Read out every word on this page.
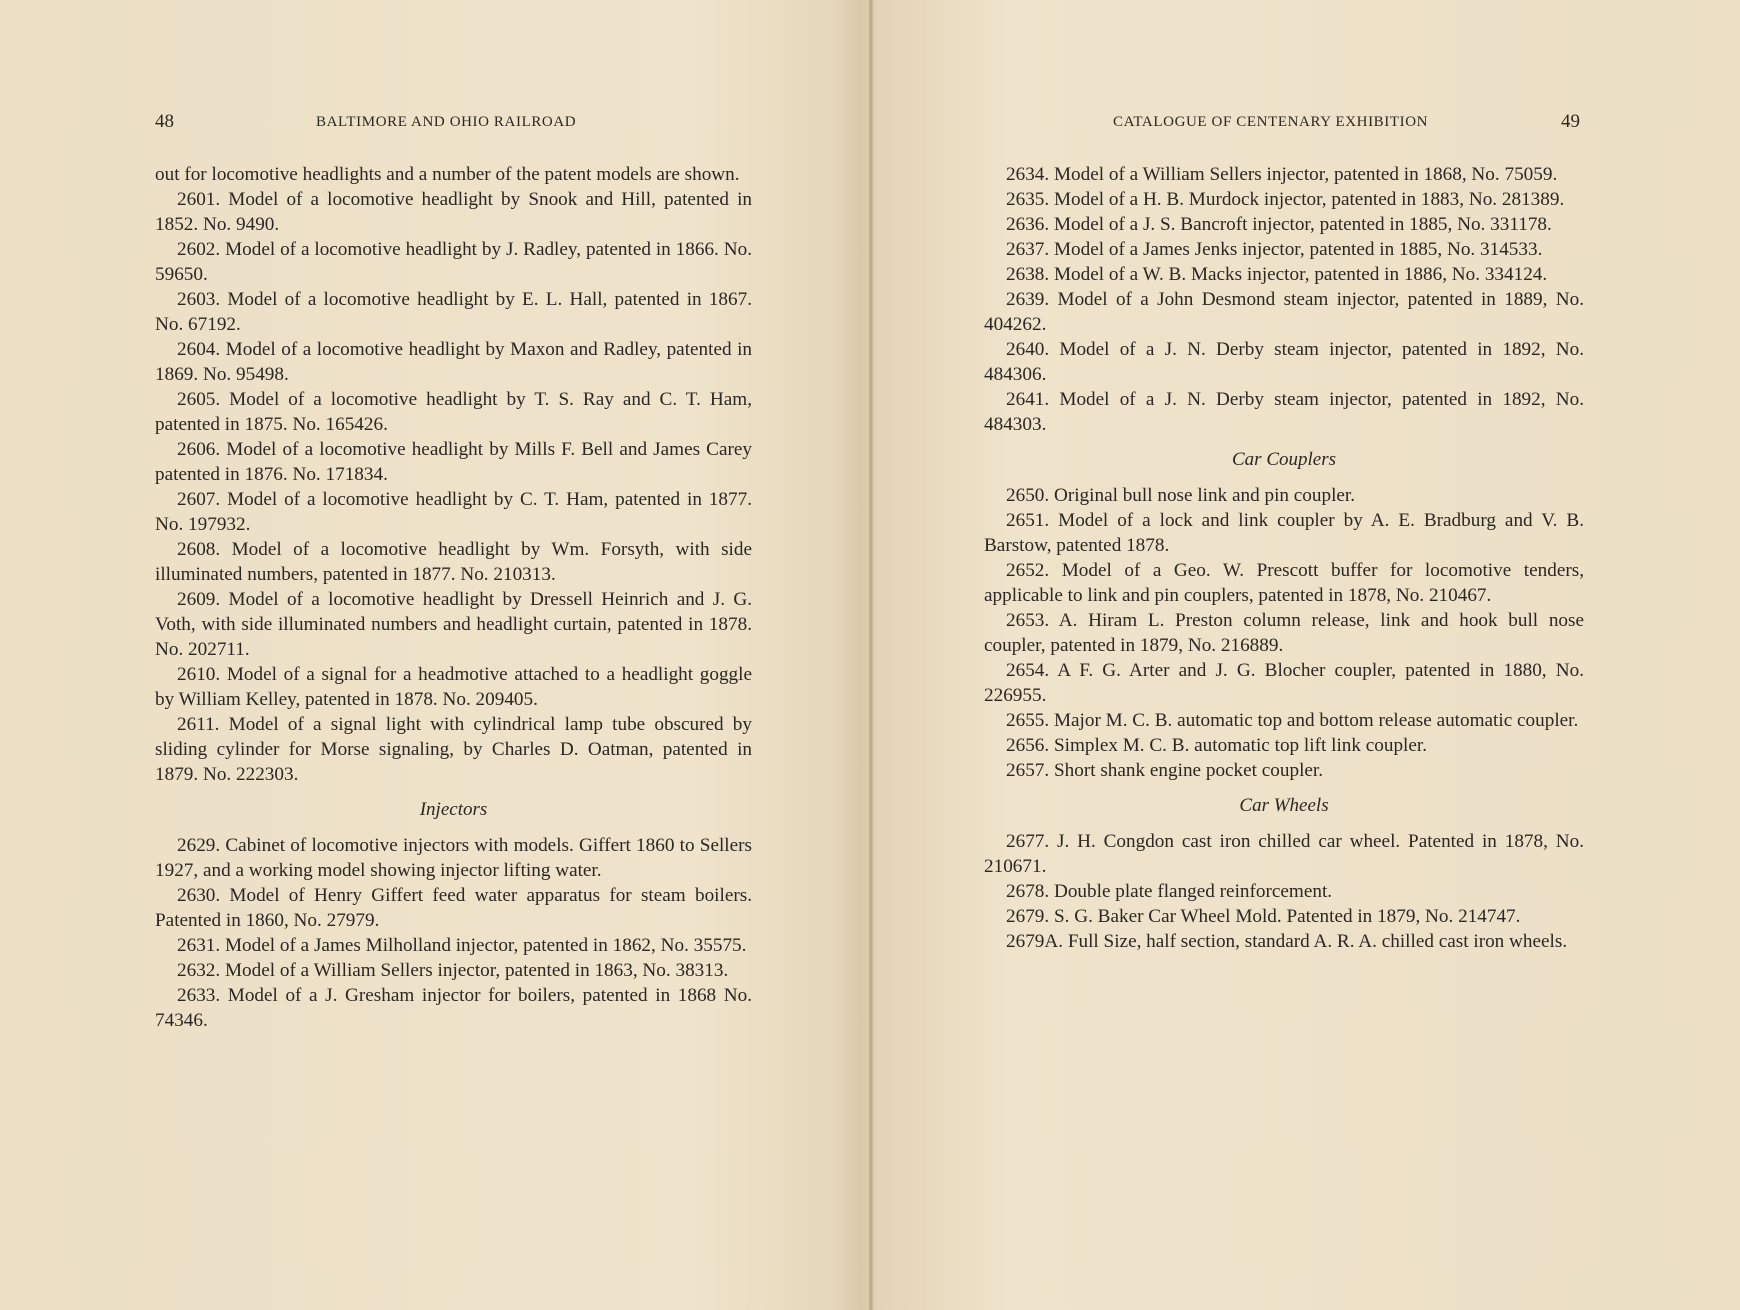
48	BALTIMORE AND OHIO RAILROAD

out for locomotive headlights and a number of the patent models are shown.

2601. Model of a locomotive headlight by Snook and Hill, patented in 1852. No. 9490.

2602. Model of a locomotive headlight by J. Radley, patented in 1866. No. 59650.

2603. Model of a locomotive headlight by E. L. Hall, patented in 1867. No. 67192.

2604. Model of a locomotive headlight by Maxon and Radley, patented in 1869. No. 95498.

2605. Model of a locomotive headlight by T. S. Ray and C. T. Ham, patented in 1875. No. 165426.

2606. Model of a locomotive headlight by Mills F. Bell and James Carey patented in 1876. No. 171834.

2607. Model of a locomotive headlight by C. T. Ham, patented in 1877. No. 197932.

2608. Model of a locomotive headlight by Wm. Forsyth, with side illuminated numbers, patented in 1877. No. 210313.

2609. Model of a locomotive headlight by Dressell Heinrich and J. G. Voth, with side illuminated numbers and headlight curtain, patented in 1878. No. 202711.

2610. Model of a signal for a headmotive attached to a headlight goggle by William Kelley, patented in 1878. No. 209405.

2611. Model of a signal light with cylindrical lamp tube obscured by sliding cylinder for Morse signaling, by Charles D. Oatman, patented in 1879. No. 222303.

Injectors

2629. Cabinet of locomotive injectors with models. Giffert 1860 to Sellers 1927, and a working model showing injector lifting water.

2630. Model of Henry Giffert feed water apparatus for steam boilers. Patented in 1860, No. 27979.

2631. Model of a James Milholland injector, patented in 1862, No. 35575.

2632. Model of a William Sellers injector, patented in 1863, No. 38313.

2633. Model of a J. Gresham injector for boilers, patented in 1868 No. 74346.

CATALOGUE OF CENTENARY EXHIBITION	49

2634. Model of a William Sellers injector, patented in 1868, No. 75059.

2635. Model of a H. B. Murdock injector, patented in 1883, No. 281389.

2636. Model of a J. S. Bancroft injector, patented in 1885, No. 331178.

2637. Model of a James Jenks injector, patented in 1885, No. 314533.

2638. Model of a W. B. Macks injector, patented in 1886, No. 334124.

2639. Model of a John Desmond steam injector, patented in 1889, No. 404262.

2640. Model of a J. N. Derby steam injector, patented in 1892, No. 484306.

2641. Model of a J. N. Derby steam injector, patented in 1892, No. 484303.

Car Couplers

2650. Original bull nose link and pin coupler.

2651. Model of a lock and link coupler by A. E. Bradburg and V. B. Barstow, patented 1878.

2652. Model of a Geo. W. Prescott buffer for locomotive tenders, applicable to link and pin couplers, patented in 1878, No. 210467.

2653. A. Hiram L. Preston column release, link and hook bull nose coupler, patented in 1879, No. 216889.

2654. A F. G. Arter and J. G. Blocher coupler, patented in 1880, No. 226955.

2655. Major M. C. B. automatic top and bottom release automatic coupler.

2656. Simplex M. C. B. automatic top lift link coupler.

2657. Short shank engine pocket coupler.

Car Wheels

2677. J. H. Congdon cast iron chilled car wheel. Patented in 1878, No. 210671.

2678. Double plate flanged reinforcement.

2679. S. G. Baker Car Wheel Mold. Patented in 1879, No. 214747.

2679A. Full Size, half section, standard A. R. A. chilled cast iron wheels.
